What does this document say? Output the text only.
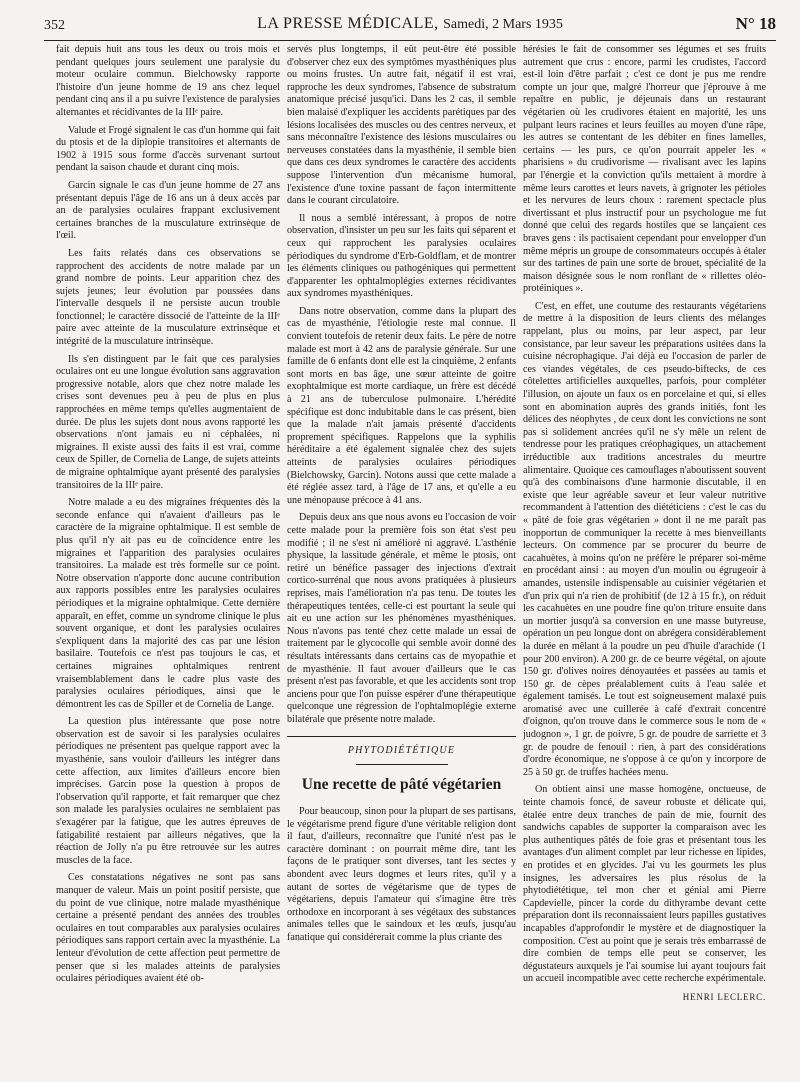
352	LA PRESSE MÉDICALE, Samedi, 2 Mars 1935	N° 18

fait depuis huit ans tous les deux ou trois mois et pendant quelques jours seulement une paralysie du moteur oculaire commun. Bielchowsky rapporte l'histoire d'un jeune homme de 19 ans chez lequel pendant cinq ans il a pu suivre l'existence de paralysies alternantes et récidivantes de la IIIᵉ paire.

Valude et Frogé signalent le cas d'un homme qui fait du ptosis et de la diplopie transitoires et alternants de 1902 à 1915 sous forme d'accès survenant surtout pendant la saison chaude et durant cinq mois.

Garcin signale le cas d'un jeune homme de 27 ans présentant depuis l'âge de 16 ans un à deux accès par an de paralysies oculaires frappant exclusivement certaines branches de la musculature extrinsèque de l'œil.

Les faits relatés dans ces observations se rapprochent des accidents de notre malade par un grand nombre de points. Leur apparition chez des sujets jeunes; leur évolution par poussées dans l'intervalle desquels il ne persiste aucun trouble fonctionnel; le caractère dissocié de l'atteinte de la IIIᵉ paire avec atteinte de la musculature extrinsèque et intégrité de la musculature intrinsèque.

Ils s'en distinguent par le fait que ces paralysies oculaires ont eu une longue évolution sans aggravation progressive notable, alors que chez notre malade les crises sont devenues peu à peu de plus en plus rapprochées en même temps qu'elles augmentaient de durée. De plus les sujets dont nous avons rapporté les observations n'ont jamais eu ni céphalées, ni migraines. Il existe aussi des faits il est vrai, comme ceux de Spiller, de Cornelia de Lange, de sujets atteints de migraine ophtalmique ayant présenté des paralysies transitoires de la IIIᵉ paire.

Notre malade a eu des migraines fréquentes dès la seconde enfance qui n'avaient d'ailleurs pas le caractère de la migraine ophtalmique. Il est semble de plus qu'il n'y ait pas eu de coïncidence entre les migraines et l'apparition des paralysies oculaires transitoires. La malade est très formelle sur ce point. Notre observation n'apporte donc aucune contribution aux rapports possibles entre les paralysies oculaires périodiques et la migraine ophtalmique. Cette dernière apparaît, en effet, comme un syndrome clinique le plus souvent organique, et dont les paralysies oculaires s'expliquent dans la majorité des cas par une lésion basilaire. Toutefois ce n'est pas toujours le cas, et certaines migraines ophtalmiques rentrent vraisemblablement dans le cadre plus vaste des paralysies oculaires périodiques, ainsi que le démontrent les cas de Spiller et de Cornelia de Lange.

La question plus intéressante que pose notre observation est de savoir si les paralysies oculaires périodiques ne présentent pas quelque rapport avec la myasthénie, sans vouloir d'ailleurs les intégrer dans cette affection, aux limites d'ailleurs encore bien imprécises. Garcin pose la question à propos de l'observation qu'il rapporte, et fait remarquer que chez son malade les paralysies oculaires ne semblaient pas s'exagérer par la fatigue, que les autres épreuves de fatigabilité restaient par ailleurs négatives, que la réaction de Jolly n'a pu être retrouvée sur les autres muscles de la face.

Ces constatations négatives ne sont pas sans manquer de valeur. Mais un point positif persiste, que du point de vue clinique, notre malade myasthénique certaine a présenté pendant des années des troubles oculaires en tout comparables aux paralysies oculaires périodiques sans rapport certain avec la myasthénie. La lenteur d'évolution de cette affection peut permettre de penser que si les malades atteints de paralysies oculaires périodiques avaient été ob-

servés plus longtemps, il eût peut-être été possible d'observer chez eux des symptômes myasthéniques plus ou moins frustes. Un autre fait, négatif il est vrai, rapproche les deux syndromes, l'absence de substratum anatomique précisé jusqu'ici. Dans les 2 cas, il semble bien malaisé d'expliquer les accidents parétiques par des lésions localisées des muscles ou des centres nerveux, et sans méconnaître l'existence des lésions musculaires ou nerveuses constatées dans la myasthénie, il semble bien que dans ces deux syndromes le caractère des accidents suppose l'intervention d'un mécanisme humoral, l'existence d'une toxine passant de façon intermittente dans le courant circulatoire.

Il nous a semblé intéressant, à propos de notre observation, d'insister un peu sur les faits qui séparent et ceux qui rapprochent les paralysies oculaires périodiques du syndrome d'Erb-Goldflam, et de montrer les éléments cliniques ou pathogéniques qui permettent d'apparenter les ophtalmoplégies externes récidivantes aux syndromes myasthéniques.

Dans notre observation, comme dans la plupart des cas de myasthénie, l'étiologie reste mal connue. Il convient toutefois de retenir deux faits. Le père de notre malade est mort à 42 ans de paralysie générale. Sur une famille de 6 enfants dont elle est la cinquième, 2 enfants sont morts en bas âge, une sœur atteinte de goitre exophtalmique est morte cardiaque, un frère est décédé à 21 ans de tuberculose pulmonaire. L'hérédité spécifique est donc indubitable dans le cas présent, bien que la malade n'ait jamais présenté d'accidents proprement spécifiques. Rappelons que la syphilis héréditaire a été également signalée chez des sujets atteints de paralysies oculaires périodiques (Bielchowsky, Garcin). Notons aussi que cette malade a été réglée assez tard, à l'âge de 17 ans, et qu'elle a eu une ménopause précoce à 41 ans.

Depuis deux ans que nous avons eu l'occasion de voir cette malade pour la première fois son état s'est peu modifié ; il ne s'est ni amélioré ni aggravé. L'asthénie physique, la lassitude générale, et même le ptosis, ont retiré un bénéfice passager des injections d'extrait cortico-surrénal que nous avons pratiquées à plusieurs reprises, mais l'amélioration n'a pas tenu. De toutes les thérapeutiques tentées, celle-ci est pourtant la seule qui ait eu une action sur les phénomènes myasthéniques. Nous n'avons pas tenté chez cette malade un essai de traitement par le glycocolle qui semble avoir donné des résultats intéressants dans certains cas de myopathie et de myasthénie. Il faut avouer d'ailleurs que le cas présent n'est pas favorable, et que les accidents sont trop anciens pour que l'on puisse espérer d'une thérapeutique quelconque une régression de l'ophtalmoplégie externe bilatérale que présente notre malade.

PHYTODIÉTÉTIQUE
Une recette de pâté végétarien

Pour beaucoup, sinon pour la plupart de ses partisans, le végétarisme prend figure d'une véritable religion dont il faut, d'ailleurs, reconnaître que l'unité n'est pas le caractère dominant : on pourrait même dire, tant les façons de le pratiquer sont diverses, tant les sectes y abondent avec leurs dogmes et leurs rites, qu'il y a autant de sortes de végétarisme que de types de végétariens, depuis l'amateur qui s'imagine être très orthodoxe en incorporant à ses végétaux des substances animales telles que le saindoux et les œufs, jusqu'au fanatique qui considérerait comme la plus criante des

hérésies le fait de consommer ses légumes et ses fruits autrement que crus : encore, parmi les crudistes, l'accord est-il loin d'être parfait ; c'est ce dont je pus me rendre compte un jour que, malgré l'horreur que j'éprouve à me repaître en public, je déjeunais dans un restaurant végétarien où les crudivores étaient en majorité, les uns pulpant leurs racines et leurs feuilles au moyen d'une râpe, les autres se contentant de les débiter en fines lamelles, certains — les purs, ce qu'on pourrait appeler les « pharisiens » du crudivorisme — rivalisant avec les lapins par l'énergie et la conviction qu'ils mettaient à mordre à même leurs carottes et leurs navets, à grignoter les pétioles et les nervures de leurs choux : rarement spectacle plus divertissant et plus instructif pour un psychologue me fut donné que celui des regards hostiles que se lançaient ces braves gens : ils pactisaient cependant pour envelopper d'un même mépris un groupe de consommateurs occupés à étaler sur des tartines de pain une sorte de brouet, spécialité de la maison désignée sous le nom ronflant de « rillettes oléo-protéiniques ».

C'est, en effet, une coutume des restaurants végétariens de mettre à la disposition de leurs clients des mélanges rappelant, plus ou moins, par leur aspect, par leur consistance, par leur saveur les préparations usitées dans la cuisine nécrophagique. J'ai déjà eu l'occasion de parler de ces viandes végétales, de ces pseudo-biftecks, de ces côtelettes artificielles auxquelles, parfois, pour compléter l'illusion, on ajoute un faux os en porcelaine et qui, si elles sont en abomination auprès des grands initiés, font les délices des néophytes , de ceux dont les convictions ne sont pas si solidement ancrées qu'il ne s'y mêle un relent de tendresse pour les pratiques créophagiques, un attachement irréductible aux traditions ancestrales du meurtre alimentaire. Quoique ces camouflages n'aboutissent souvent qu'à des combinaisons d'une harmonie discutable, il en existe que leur agréable saveur et leur valeur nutritive recommandent à l'attention des diététiciens : c'est le cas du « pâté de foie gras végétarien » dont il ne me paraît pas inopportun de communiquer la recette à mes bienveillants lecteurs. On commence par se procurer du beurre de cacahuètes, à moins qu'on ne préfère le préparer soi-même en procédant ainsi : au moyen d'un moulin ou égrugeoir à amandes, ustensile indispensable au cuisinier végétarien et d'un prix qui n'a rien de prohibitif (de 12 à 15 fr.), on réduit les cacahuètes en une poudre fine qu'on triture ensuite dans un mortier jusqu'à sa conversion en une masse butyreuse, opération un peu longue dont on abrégera considérablement la durée en mêlant à la poudre un peu d'huile d'arachide (1 pour 200 environ). A 200 gr. de ce beurre végétal, on ajoute 150 gr. d'olives noires dénoyautées et passées au tamis et 150 gr. de cèpes préalablement cuits à l'eau salée et également tamisés. Le tout est soigneusement malaxé puis aromatisé avec une cuillerée à café d'extrait concentré d'oignon, qu'on trouve dans le commerce sous le nom de « judognon », 1 gr. de poivre, 5 gr. de poudre de sarriette et 3 gr. de poudre de fenouil : rien, à part des considérations d'ordre économique, ne s'oppose à ce qu'on y incorpore de 25 à 50 gr. de truffes hachées menu.

On obtient ainsi une masse homogène, onctueuse, de teinte chamois foncé, de saveur robuste et délicate qui, étalée entre deux tranches de pain de mie, fournit des sandwichs capables de supporter la comparaison avec les plus authentiques pâtés de foie gras et présentant tous les avantages d'un aliment complet par leur richesse en lipides, en protides et en glycides. J'ai vu les gourmets les plus insignes, les adversaires les plus résolus de la phytodiététique, tel mon cher et génial ami Pierre Capdevielle, pincer la corde du dithyrambe devant cette préparation dont ils reconnaissaient leurs papilles gustatives incapables d'approfondir le mystère et de diagnostiquer la composition. C'est au point que je serais très embarrassé de dire combien de temps elle peut se conserver, les dégustateurs auxquels je l'ai soumise lui ayant toujours fait un accueil incompatible avec cette recherche expérimentale.

HENRI LECLERC.
